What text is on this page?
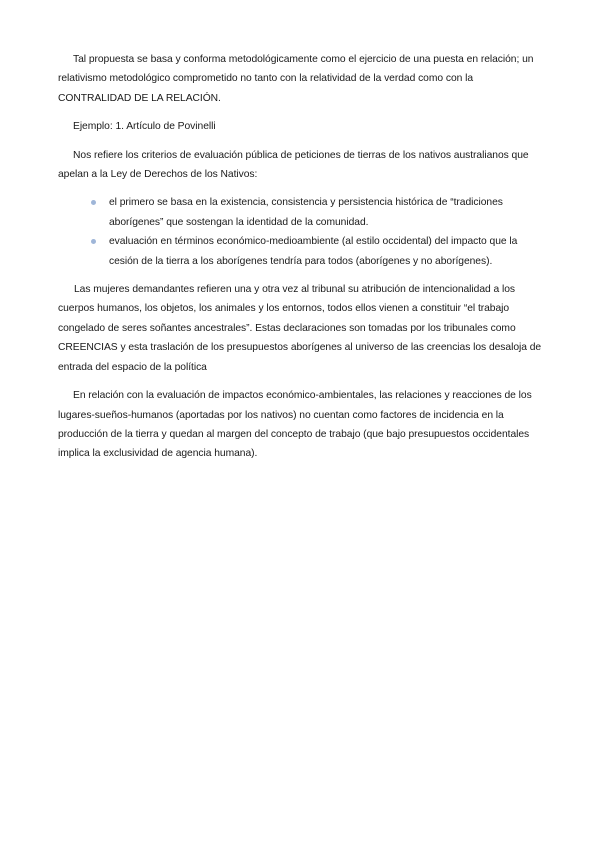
Tal propuesta se basa y conforma metodológicamente como el ejercicio de una puesta en relación; un relativismo metodológico comprometido no tanto con la relatividad de la verdad como con la CONTRALIDAD DE LA RELACIÓN.

Ejemplo: 1. Artículo de Povinelli

Nos refiere los criterios de evaluación pública de peticiones de tierras de los nativos australianos que apelan a la Ley de Derechos de los Nativos:

el primero se basa en la existencia, consistencia y persistencia histórica de “tradiciones aborígenes” que sostengan la identidad de la comunidad.
evaluación en términos económico-medioambiente (al estilo occidental) del impacto que la cesión de la tierra a los aborígenes tendría para todos (aborígenes y no aborígenes).

Las mujeres demandantes refieren una y otra vez al tribunal su atribución de intencionalidad a los cuerpos humanos, los objetos, los animales y los entornos, todos ellos vienen a constituir “el trabajo congelado de seres soñantes ancestrales”. Estas declaraciones son tomadas por los tribunales como CREENCIAS y esta traslación de los presupuestos aborígenes al universo de las creencias los desaloja de entrada del espacio de la política

En relación con la evaluación de impactos económico-ambientales, las relaciones y reacciones de los lugares-sueños-humanos (aportadas por los nativos) no cuentan como factores de incidencia en la producción de la tierra y quedan al margen del concepto de trabajo (que bajo presupuestos occidentales implica la exclusividad de agencia humana).
